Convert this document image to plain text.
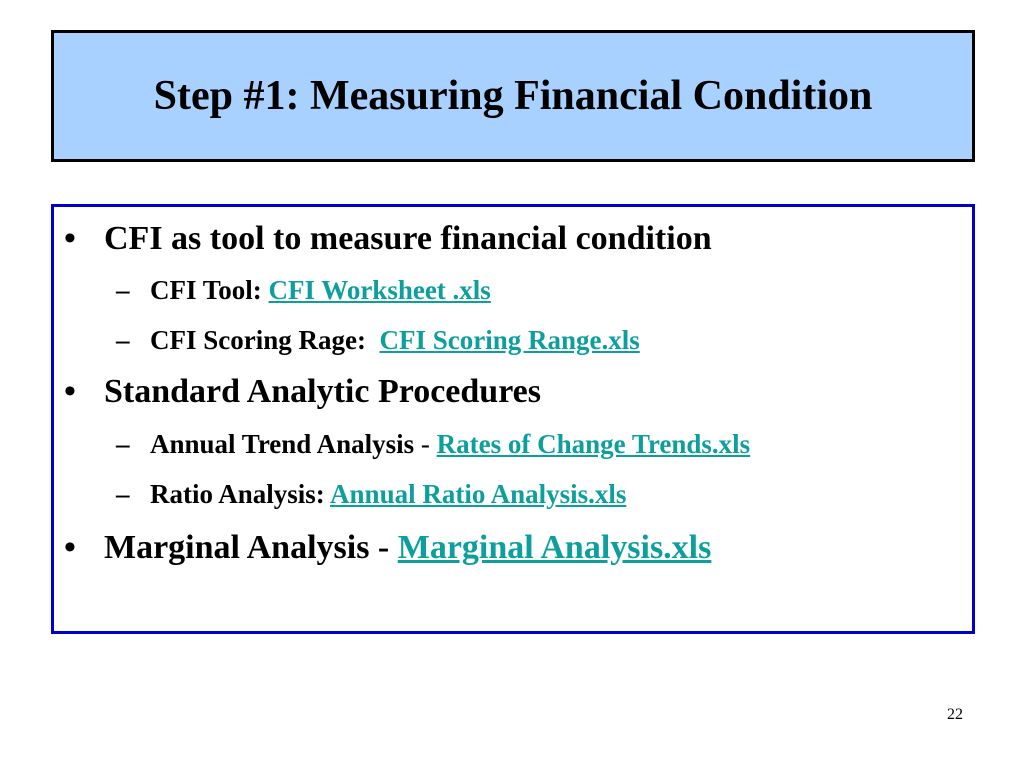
Step #1: Measuring Financial Condition
• CFI as tool to measure financial condition
– CFI Tool: CFI Worksheet .xls
– CFI Scoring Rage:  CFI Scoring Range.xls
• Standard Analytic Procedures
– Annual Trend Analysis - Rates of Change Trends.xls
– Ratio Analysis: Annual Ratio Analysis.xls
• Marginal Analysis - Marginal Analysis.xls
22
